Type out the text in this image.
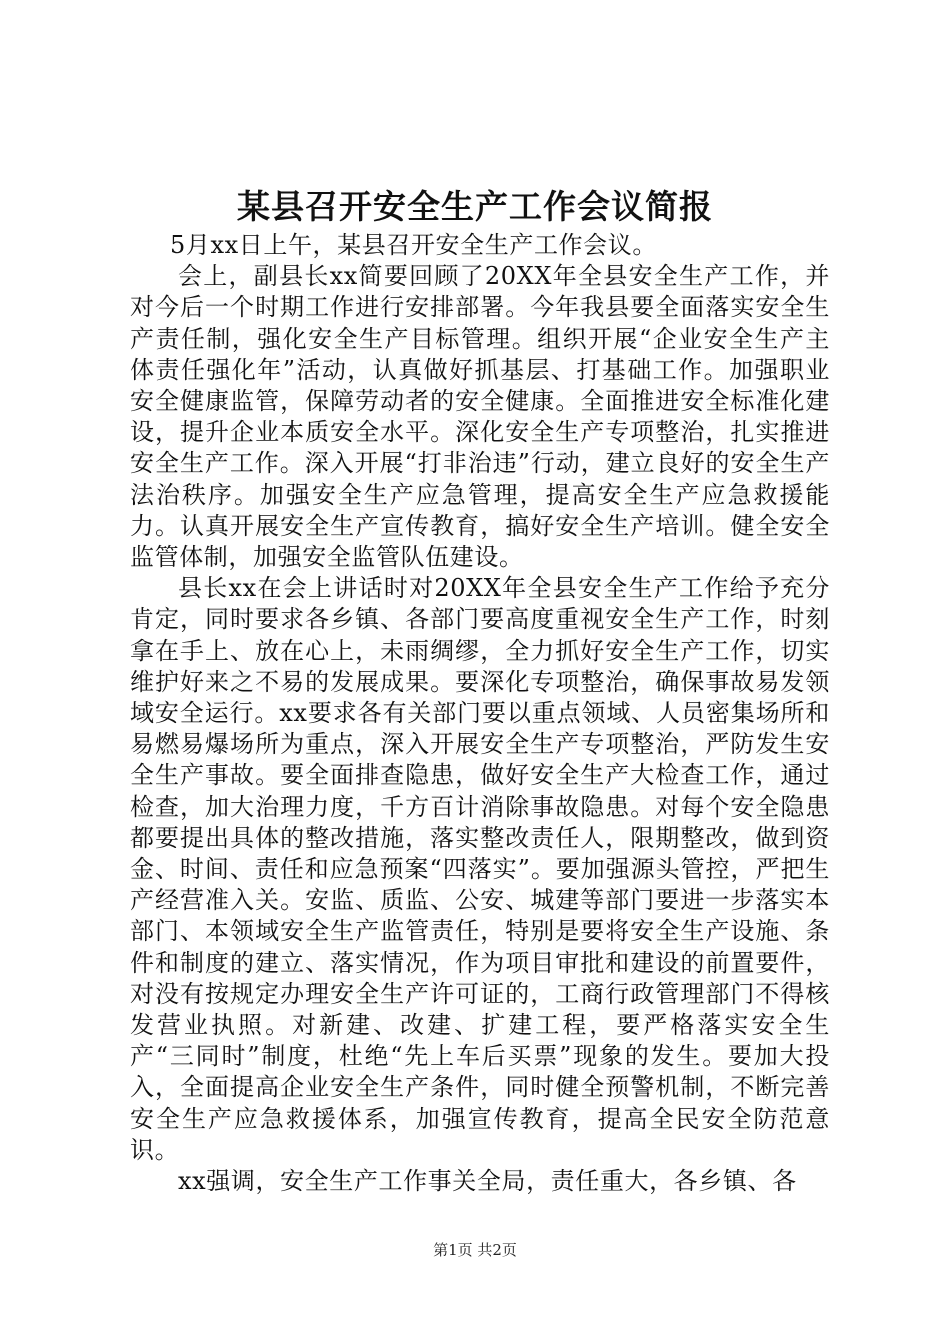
某县召开安全生产工作会议简报

5月xx日上午，某县召开安全生产工作会议。

会上，副县长xx简要回顾了20XX年全县安全生产工作，并对今后一个时期工作进行安排部署。今年我县要全面落实安全生产责任制，强化安全生产目标管理。组织开展“企业安全生产主体责任强化年”活动，认真做好抓基层、打基础工作。加强职业安全健康监管，保障劳动者的安全健康。全面推进安全标准化建设，提升企业本质安全水平。深化安全生产专项整治，扎实推进安全生产工作。深入开展“打非治违”行动，建立良好的安全生产法治秩序。加强安全生产应急管理，提高安全生产应急救援能力。认真开展安全生产宣传教育，搞好安全生产培训。健全安全监管体制，加强安全监管队伍建设。

县长xx在会上讲话时对20XX年全县安全生产工作给予充分肯定，同时要求各乡镇、各部门要高度重视安全生产工作，时刻拿在手上、放在心上，未雨绸缪，全力抓好安全生产工作，切实维护好来之不易的发展成果。要深化专项整治，确保事故易发领域安全运行。xx要求各有关部门要以重点领域、人员密集场所和易燃易爆场所为重点，深入开展安全生产专项整治，严防发生安全生产事故。要全面排查隐患，做好安全生产大检查工作，通过检查，加大治理力度，千方百计消除事故隐患。对每个安全隐患都要提出具体的整改措施，落实整改责任人，限期整改，做到资金、时间、责任和应急预案“四落实”。要加强源头管控，严把生产经营准入关。安监、质监、公安、城建等部门要进一步落实本部门、本领域安全生产监管责任，特别是要将安全生产设施、条件和制度的建立、落实情况，作为项目审批和建设的前置要件，对没有按规定办理安全生产许可证的，工商行政管理部门不得核发营业执照。对新建、改建、扩建工程，要严格落实安全生产“三同时”制度，杜绝“先上车后买票”现象的发生。要加大投入，全面提高企业安全生产条件，同时健全预警机制，不断完善安全生产应急救援体系，加强宣传教育，提高全民安全防范意识。

xx强调，安全生产工作事关全局，责任重大，各乡镇、各

第1页 共2页
